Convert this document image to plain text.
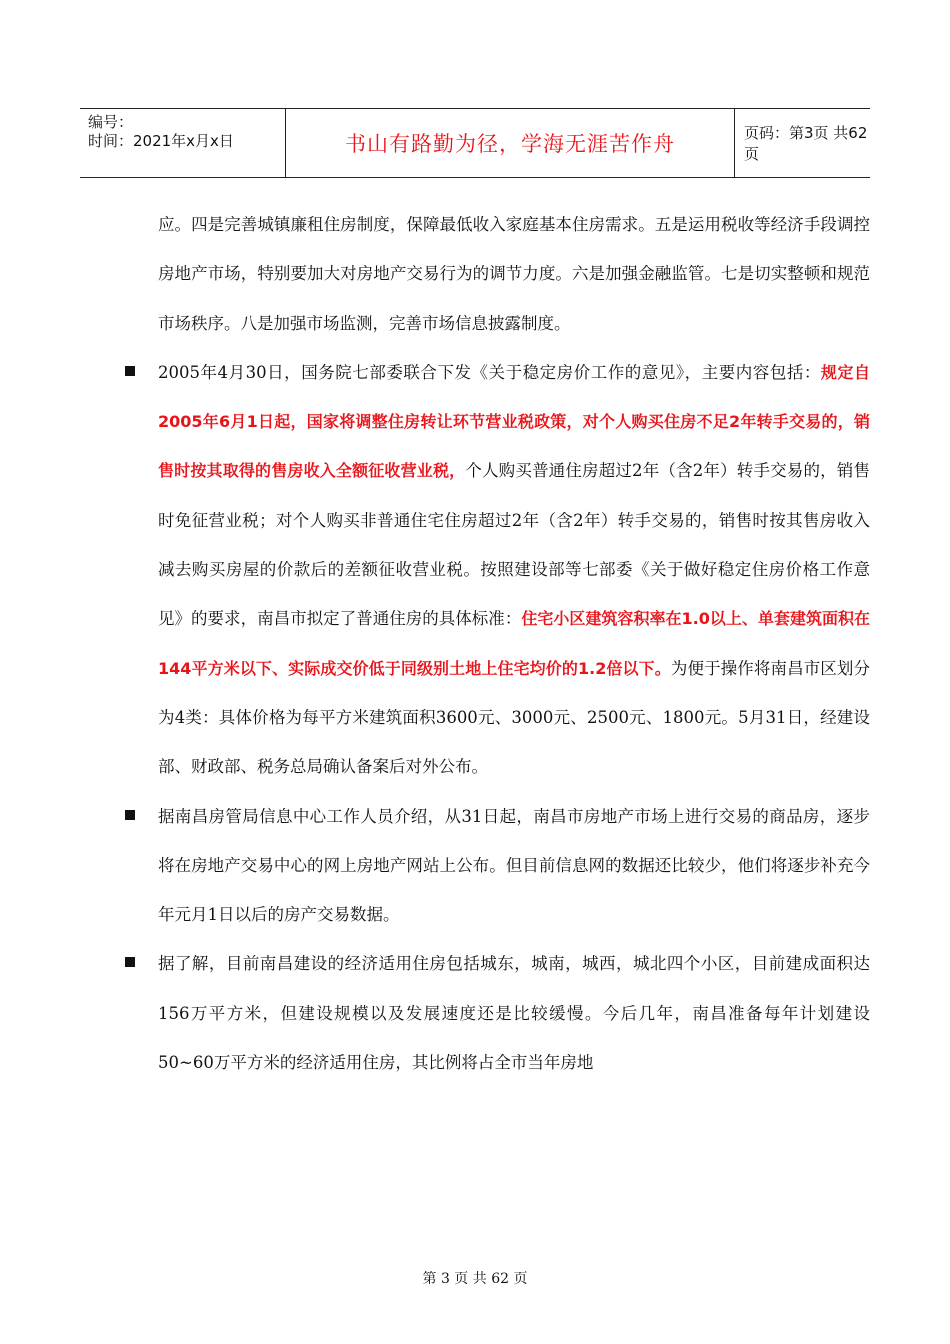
编号：
时间：2021年x月x日	书山有路勤为径，学海无涯苦作舟	页码：第3页 共62页

应。四是完善城镇廉租住房制度，保障最低收入家庭基本住房需求。五是运用税收等经济手段调控房地产市场，特别要加大对房地产交易行为的调节力度。六是加强金融监管。七是切实整顿和规范市场秩序。八是加强市场监测，完善市场信息披露制度。

2005年4月30日，国务院七部委联合下发《关于稳定房价工作的意见》，主要内容包括：规定自2005年6月1日起，国家将调整住房转让环节营业税政策，对个人购买住房不足2年转手交易的，销售时按其取得的售房收入全额征收营业税，个人购买普通住房超过2年（含2年）转手交易的，销售时免征营业税；对个人购买非普通住宅住房超过2年（含2年）转手交易的，销售时按其售房收入减去购买房屋的价款后的差额征收营业税。按照建设部等七部委《关于做好稳定住房价格工作意见》的要求，南昌市拟定了普通住房的具体标准：住宅小区建筑容积率在1.0以上、单套建筑面积在144平方米以下、实际成交价低于同级别土地上住宅均价的1.2倍以下。为便于操作将南昌市区划分为4类：具体价格为每平方米建筑面积3600元、3000元、2500元、1800元。5月31日，经建设部、财政部、税务总局确认备案后对外公布。

据南昌房管局信息中心工作人员介绍，从31日起，南昌市房地产市场上进行交易的商品房，逐步将在房地产交易中心的网上房地产网站上公布。但目前信息网的数据还比较少，他们将逐步补充今年元月1日以后的房产交易数据。

据了解，目前南昌建设的经济适用住房包括城东，城南，城西，城北四个小区，目前建成面积达156万平方米，但建设规模以及发展速度还是比较缓慢。今后几年，南昌准备每年计划建设50~60万平方米的经济适用住房，其比例将占全市当年房地

第 3 页 共 62 页
